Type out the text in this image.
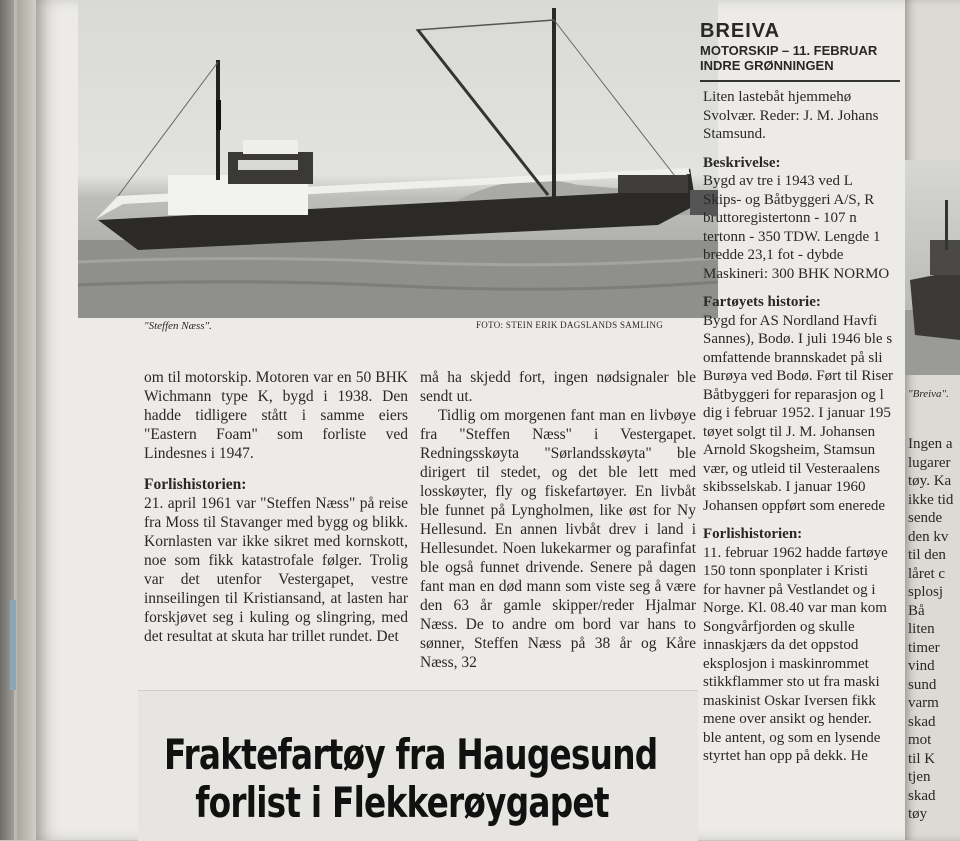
"Steffen Næss".	FOTO: STEIN ERIK DAGSLANDS SAMLING

om til motorskip. Motoren var en 50 BHK Wichmann type K, bygd i 1938. Den hadde tidligere stått i samme eiers "Eastern Foam" som forliste ved Lindesnes i 1947.

Forlishistorien:

21. april 1961 var "Steffen Næss" på reise fra Moss til Stavanger med bygg og blikk. Kornlasten var ikke sikret med kornskott, noe som fikk katastrofale følger. Trolig var det utenfor Vestergapet, vestre innseilingen til Kristiansand, at lasten har forskjøvet seg i kuling og slingring, med det resultat at skuta har trillet rundet. Det

må ha skjedd fort, ingen nødsignaler ble sendt ut.

Tidlig om morgenen fant man en livbøye fra "Steffen Næss" i Vestergapet. Redningsskøyta "Sørlandsskøyta" ble dirigert til stedet, og det ble lett med losskøyter, fly og fiskefartøyer. En livbåt ble funnet på Lyngholmen, like øst for Ny Hellesund. En annen livbåt drev i land i Hellesundet. Noen lukekarmer og parafinfat ble også funnet drivende. Senere på dagen fant man en død mann som viste seg å være den 63 år gamle skipper/reder Hjalmar Næss. De to andre om bord var hans to sønner, Steffen Næss på 38 år og Kåre Næss, 32

Fraktefartøy fra Haugesund
forlist i Flekkerøygapet
BREIVA
MOTORSKIP – 11. FEBRUAR
INDRE GRØNNINGEN
Liten lastebåt hjemmehø
Svolvær. Reder: J. M. Johans
Stamsund.
Beskrivelse:
Bygd av tre i 1943 ved L
Skips- og Båtbyggeri A/S, R
bruttoregistertonn - 107 n
tertonn - 350 TDW. Lengde 1
bredde 23,1 fot - dybde
Maskineri: 300 BHK NORMO
Fartøyets historie:
Bygd for AS Nordland Havfi
Sannes), Bodø. I juli 1946 ble s
omfattende brannskadet på sli
Burøya ved Bodø. Ført til Riser
Båtbyggeri for reparasjon og l
dig i februar 1952. I januar 195
tøyet solgt til J. M. Johansen
Arnold Skogsheim, Stamsun
vær, og utleid til Vesteraalens
skibsselskab. I januar 1960
Johansen oppført som eneredе
Forlishistorien:
11. februar 1962 hadde fartøye
150 tonn sponplater i Kristi
for havner på Vestlandet og i
Norge. Kl. 08.40 var man kom
Songvårfjorden og skulle
innaskjærs da det oppstod
eksplosjon i maskinrommet
stikkflammer sto ut fra maski
maskinist Oskar Iversen fikk
mene over ansikt og hender.
ble antent, og som en lysende
styrtet han opp på dekk. He
"Breiva".
Ingen a
lugarer
tøy. Ka
ikke tid
sende
den kv
til den
låret c
splosj
Bå
liten
timer
vind
sund
varm
skad
mot
til K
tjen
skad
tøy
